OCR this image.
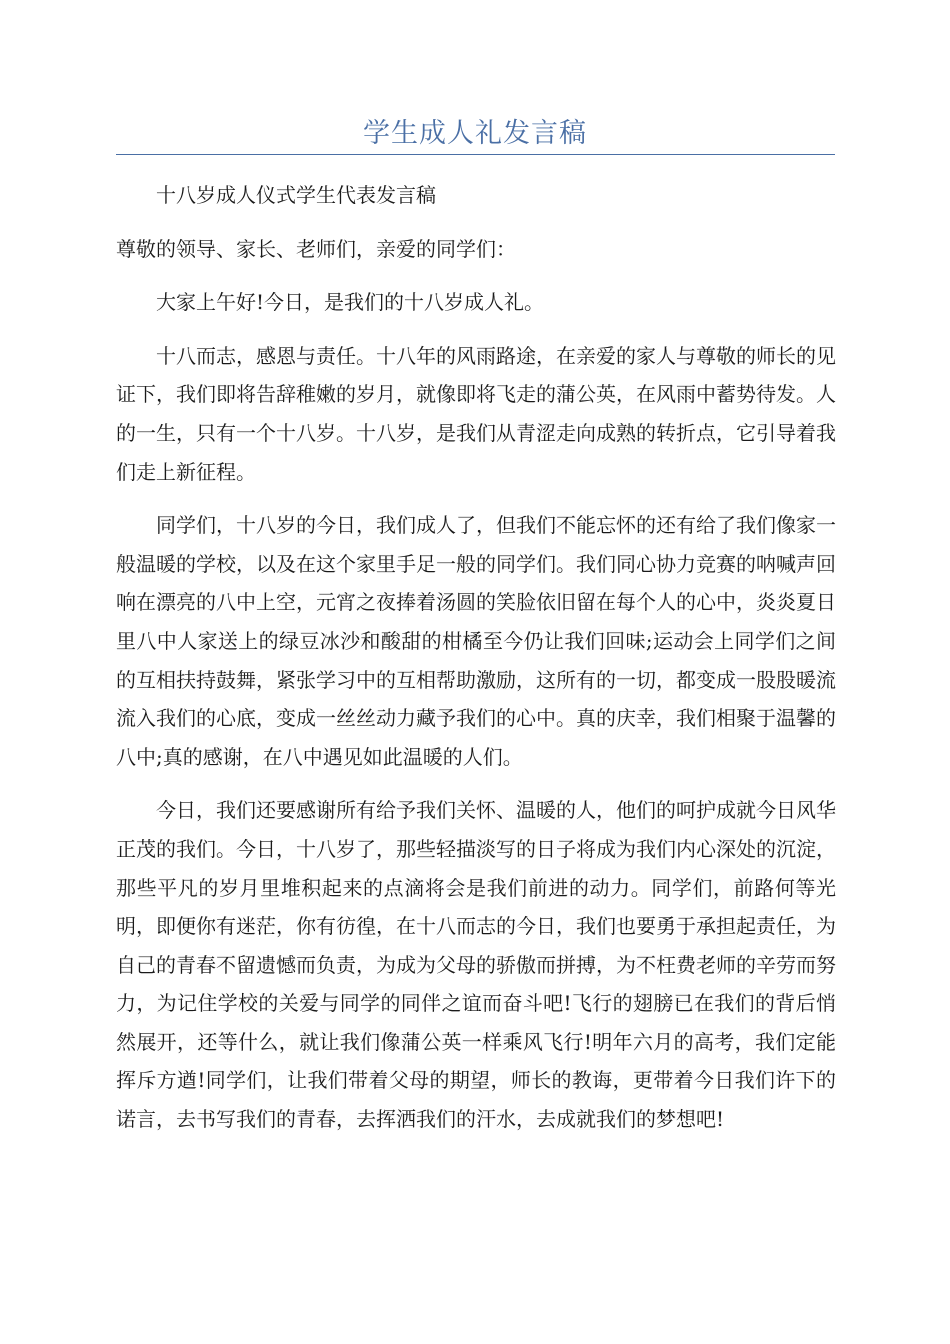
学生成人礼发言稿

十八岁成人仪式学生代表发言稿

尊敬的领导、家长、老师们，亲爱的同学们：

大家上午好!今日，是我们的十八岁成人礼。

十八而志，感恩与责任。十八年的风雨路途，在亲爱的家人与尊敬的师长的见证下，我们即将告辞稚嫩的岁月，就像即将飞走的蒲公英，在风雨中蓄势待发。人的一生，只有一个十八岁。十八岁，是我们从青涩走向成熟的转折点，它引导着我们走上新征程。

同学们，十八岁的今日，我们成人了，但我们不能忘怀的还有给了我们像家一般温暖的学校，以及在这个家里手足一般的同学们。我们同心协力竞赛的呐喊声回响在漂亮的八中上空，元宵之夜捧着汤圆的笑脸依旧留在每个人的心中，炎炎夏日里八中人家送上的绿豆冰沙和酸甜的柑橘至今仍让我们回味;运动会上同学们之间的互相扶持鼓舞，紧张学习中的互相帮助激励，这所有的一切，都变成一股股暖流流入我们的心底，变成一丝丝动力藏予我们的心中。真的庆幸，我们相聚于温馨的八中;真的感谢，在八中遇见如此温暖的人们。

今日，我们还要感谢所有给予我们关怀、温暖的人，他们的呵护成就今日风华正茂的我们。今日，十八岁了，那些轻描淡写的日子将成为我们内心深处的沉淀，那些平凡的岁月里堆积起来的点滴将会是我们前进的动力。同学们，前路何等光明，即便你有迷茫，你有彷徨，在十八而志的今日，我们也要勇于承担起责任，为自己的青春不留遗憾而负责，为成为父母的骄傲而拼搏，为不枉费老师的辛劳而努力，为记住学校的关爱与同学的同伴之谊而奋斗吧!飞行的翅膀已在我们的背后悄然展开，还等什么，就让我们像蒲公英一样乘风飞行!明年六月的高考，我们定能挥斥方遒!同学们，让我们带着父母的期望，师长的教诲，更带着今日我们许下的诺言，去书写我们的青春，去挥洒我们的汗水，去成就我们的梦想吧!
